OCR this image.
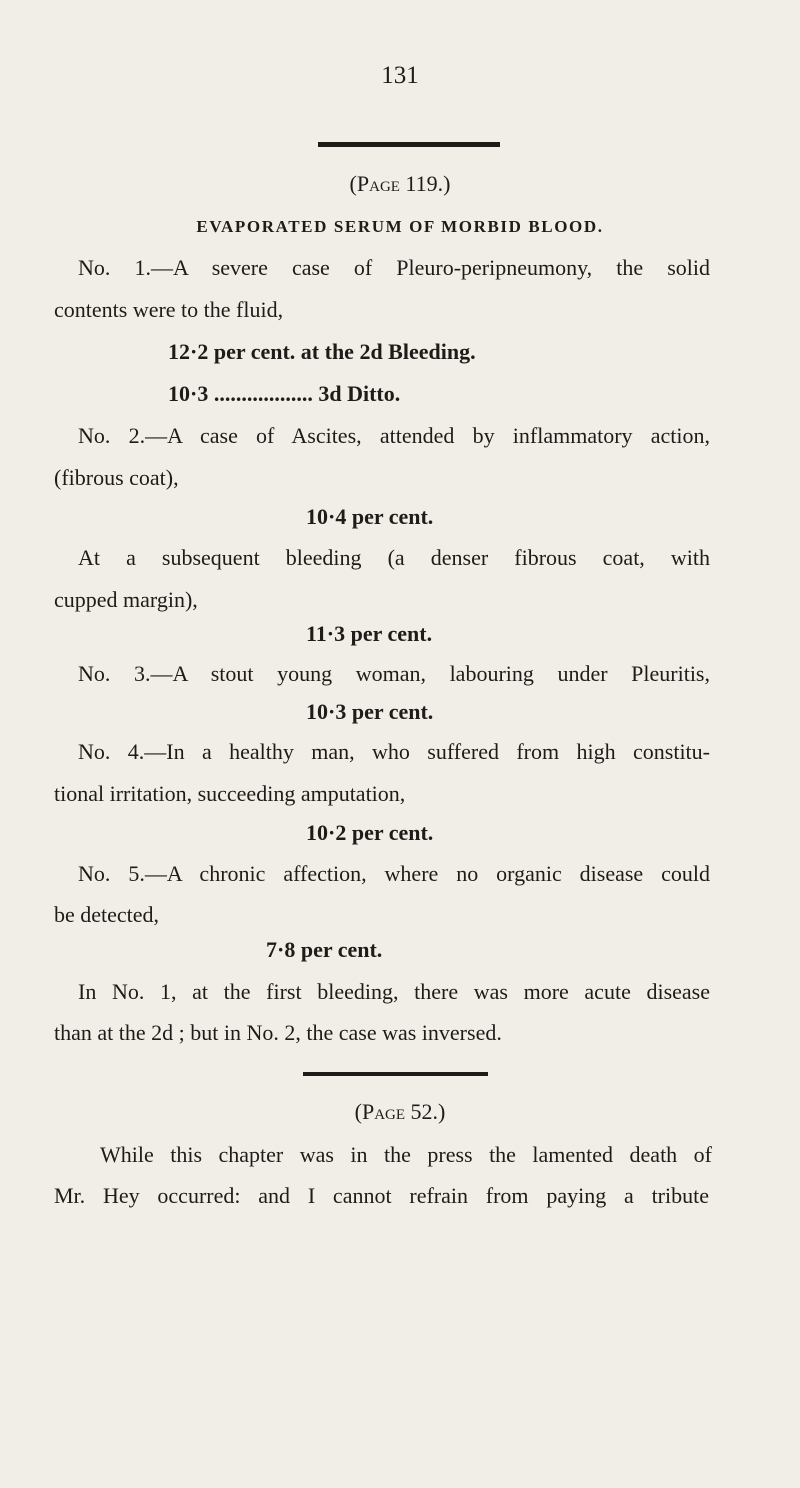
131
(Page 119.)
EVAPORATED SERUM OF MORBID BLOOD.
No. 1.—A severe case of Pleuro-peripneumony, the solid
contents were to the fluid,
12·2 per cent. at the 2d Bleeding.
10·3 .................. 3d Ditto.
No. 2.—A case of Ascites, attended by inflammatory action,
(fibrous coat),
10·4 per cent.
At a subsequent bleeding (a denser fibrous coat, with
cupped margin),
11·3 per cent.
No. 3.—A stout young woman, labouring under Pleuritis,
10·3 per cent.
No. 4.—In a healthy man, who suffered from high constitu-
tional irritation, succeeding amputation,
10·2 per cent.
No. 5.—A chronic affection, where no organic disease could
be detected,
7·8 per cent.
In No. 1, at the first bleeding, there was more acute disease
than at the 2d ; but in No. 2, the case was inversed.
(Page 52.)
While this chapter was in the press the lamented death of
Mr. Hey occurred: and I cannot refrain from paying a tribute
